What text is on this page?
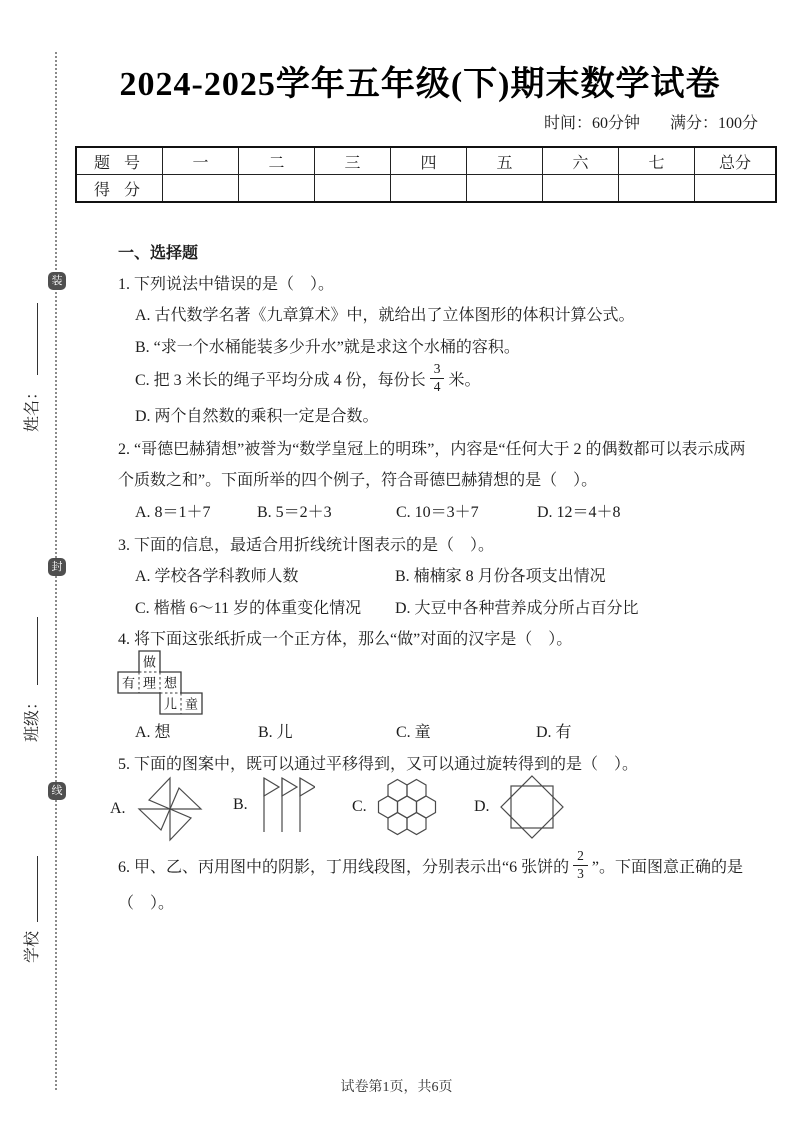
装
封
线
姓名：
班级：
学校
2024-2025学年五年级(下)期末数学试卷
时间：60分钟 满分：100分
题 号	一	二	三	四	五	六	七	总分
得 分								
一、选择题
1. 下列说法中错误的是（　）。
A. 古代数学名著《九章算术》中，就给出了立体图形的体积计算公式。
B. “求一个水桶能装多少升水”就是求这个水桶的容积。
C. 把 3 米长的绳子平均分成 4 份，每份长 $\frac{3}{4}$ 米。
D. 两个自然数的乘积一定是合数。
2. “哥德巴赫猜想”被誉为“数学皇冠上的明珠”，内容是“任何大于 2 的偶数都可以表示成两
个质数之和”。下面所举的四个例子，符合哥德巴赫猜想的是（　）。
A. 8＝1＋7	B. 5＝2＋3	C. 10＝3＋7	D. 12＝4＋8
3. 下面的信息，最适合用折线统计图表示的是（　）。
A. 学校各学科教师人数	B. 楠楠家 8 月份各项支出情况
C. 楷楷 6～11 岁的体重变化情况 D. 大豆中各种营养成分所占百分比
4. 将下面这张纸折成一个正方体，那么“做”对面的汉字是（　）。
做
有 理 想
儿 童
A. 想	B. 儿	C. 童	D. 有
5. 下面的图案中，既可以通过平移得到，又可以通过旋转得到的是（　）。
A.	B.	C.	D.
6. 甲、乙、丙用图中的阴影，丁用线段图，分别表示出“6 张饼的 $\frac{2}{3}$ ”。下面图意正确的是
（　）。
试卷第1页，共6页
